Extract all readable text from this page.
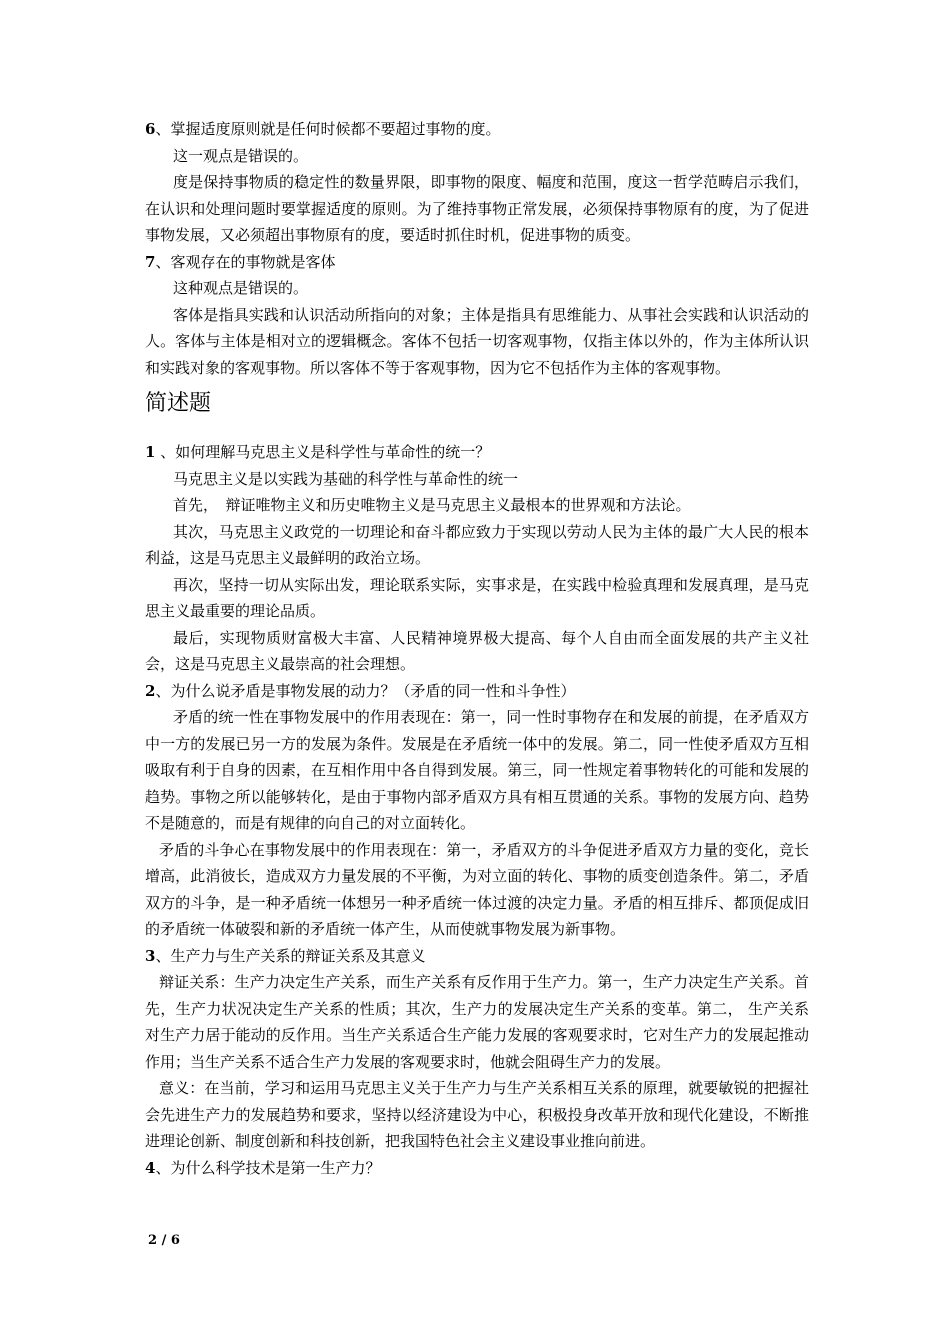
6、掌握适度原则就是任何时候都不要超过事物的度。
这一观点是错误的。
度是保持事物质的稳定性的数量界限，即事物的限度、幅度和范围，度这一哲学范畴启示我们，在认识和处理问题时要掌握适度的原则。为了维持事物正常发展，必须保持事物原有的度，为了促进事物发展，又必须超出事物原有的度，要适时抓住时机，促进事物的质变。
7、客观存在的事物就是客体
这种观点是错误的。
客体是指具实践和认识活动所指向的对象；主体是指具有思维能力、从事社会实践和认识活动的人。客体与主体是相对立的逻辑概念。客体不包括一切客观事物，仅指主体以外的，作为主体所认识和实践对象的客观事物。所以客体不等于客观事物，因为它不包括作为主体的客观事物。
简述题
1 、如何理解马克思主义是科学性与革命性的统一？
马克思主义是以实践为基础的科学性与革命性的统一
首先，　辩证唯物主义和历史唯物主义是马克思主义最根本的世界观和方法论。
其次，马克思主义政党的一切理论和奋斗都应致力于实现以劳动人民为主体的最广大人民的根本利益，这是马克思主义最鲜明的政治立场。
再次，坚持一切从实际出发，理论联系实际，实事求是，在实践中检验真理和发展真理，是马克思主义最重要的理论品质。
最后，实现物质财富极大丰富、人民精神境界极大提高、每个人自由而全面发展的共产主义社会，这是马克思主义最崇高的社会理想。
2、为什么说矛盾是事物发展的动力？（矛盾的同一性和斗争性）
矛盾的统一性在事物发展中的作用表现在：第一，同一性时事物存在和发展的前提，在矛盾双方中一方的发展已另一方的发展为条件。发展是在矛盾统一体中的发展。第二，同一性使矛盾双方互相吸取有利于自身的因素，在互相作用中各自得到发展。第三，同一性规定着事物转化的可能和发展的趋势。事物之所以能够转化，是由于事物内部矛盾双方具有相互贯通的关系。事物的发展方向、趋势不是随意的，而是有规律的向自己的对立面转化。
矛盾的斗争心在事物发展中的作用表现在：第一，矛盾双方的斗争促进矛盾双方力量的变化，竞长增高，此消彼长，造成双方力量发展的不平衡，为对立面的转化、事物的质变创造条件。第二，矛盾双方的斗争，是一种矛盾统一体想另一种矛盾统一体过渡的决定力量。矛盾的相互排斥、都顶促成旧的矛盾统一体破裂和新的矛盾统一体产生，从而使就事物发展为新事物。
3、生产力与生产关系的辩证关系及其意义
辩证关系：生产力决定生产关系，而生产关系有反作用于生产力。第一，生产力决定生产关系。首先，生产力状况决定生产关系的性质；其次，生产力的发展决定生产关系的变革。第二， 生产关系对生产力居于能动的反作用。当生产关系适合生产能力发展的客观要求时，它对生产力的发展起推动作用；当生产关系不适合生产力发展的客观要求时，他就会阻碍生产力的发展。
意义：在当前，学习和运用马克思主义关于生产力与生产关系相互关系的原理，就要敏锐的把握社会先进生产力的发展趋势和要求，坚持以经济建设为中心，积极投身改革开放和现代化建设，不断推进理论创新、制度创新和科技创新，把我国特色社会主义建设事业推向前进。
4、为什么科学技术是第一生产力？
2 / 6
